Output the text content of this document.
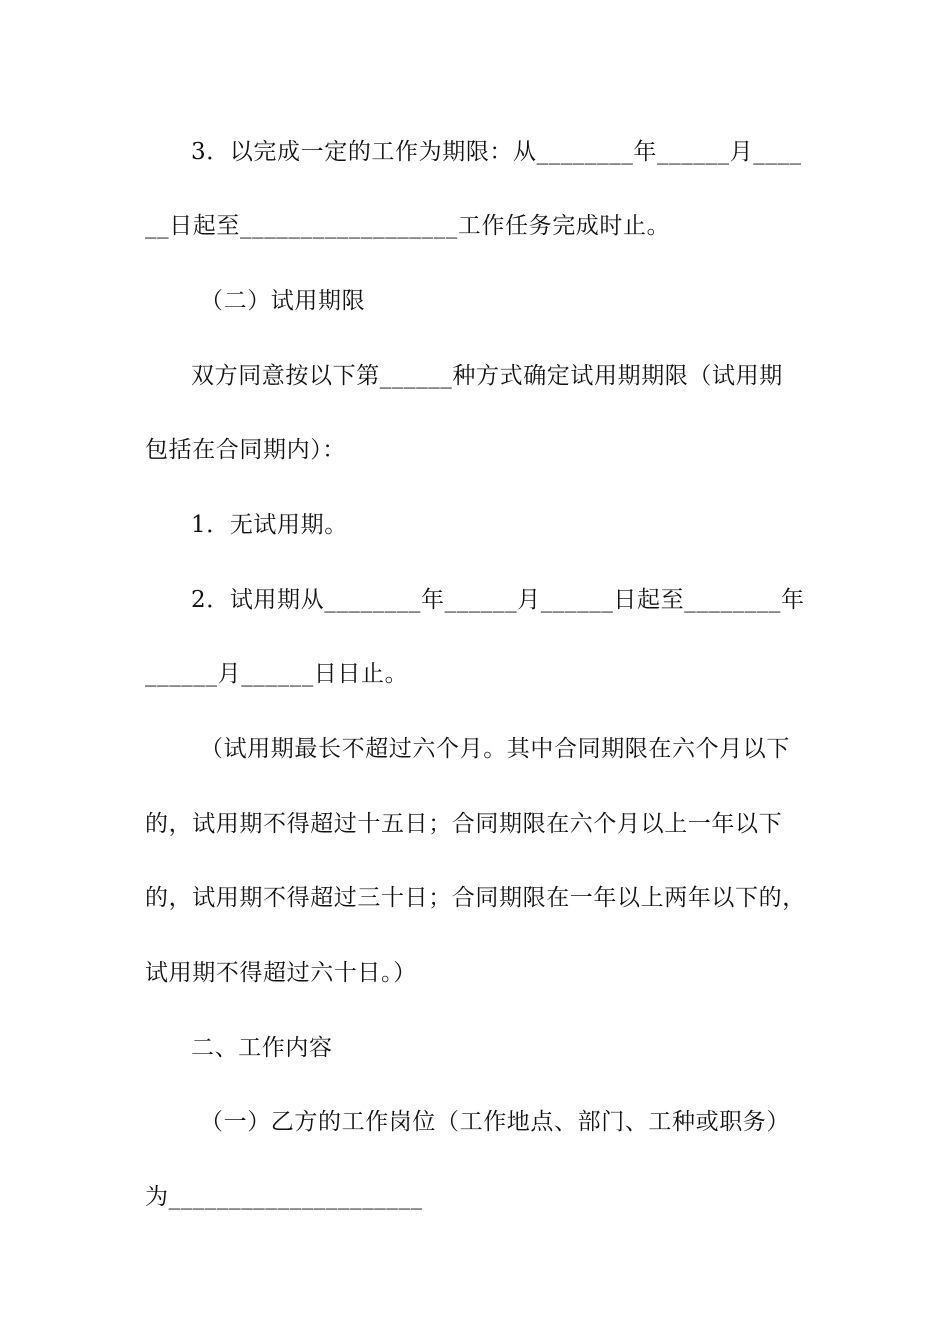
3．以完成一定的工作为期限：从________年______月____
__日起至__________________工作任务完成时止。
（二）试用期限
双方同意按以下第______种方式确定试用期期限（试用期
包括在合同期内）：
1．无试用期。
2．试用期从________年______月______日起至________年
______月______日日止。
（试用期最长不超过六个月。其中合同期限在六个月以下
的，试用期不得超过十五日；合同期限在六个月以上一年以下
的，试用期不得超过三十日；合同期限在一年以上两年以下的，
试用期不得超过六十日。）
二、工作内容
（一）乙方的工作岗位（工作地点、部门、工种或职务）
为_____________________
